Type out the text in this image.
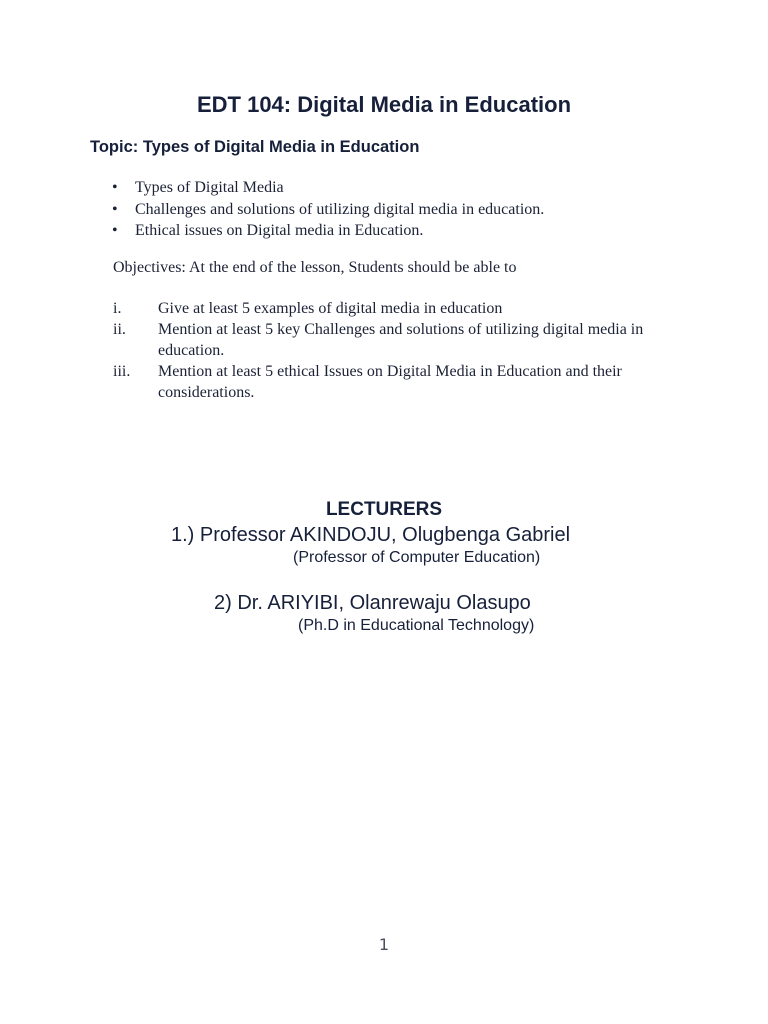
EDT 104: Digital Media in Education
Topic: Types of Digital Media in Education
• Types of Digital Media
• Challenges and solutions of utilizing digital media in education.
• Ethical issues on Digital media in Education.
Objectives: At the end of the lesson, Students should be able to
i. Give at least 5 examples of digital media in education
ii. Mention at least 5 key Challenges and solutions of utilizing digital media in education.
iii. Mention at least 5 ethical Issues on Digital Media in Education and their considerations.
LECTURERS
1.) Professor AKINDOJU, Olugbenga Gabriel
(Professor of Computer Education)
2) Dr. ARIYIBI, Olanrewaju Olasupo
(Ph.D in Educational Technology)
1
